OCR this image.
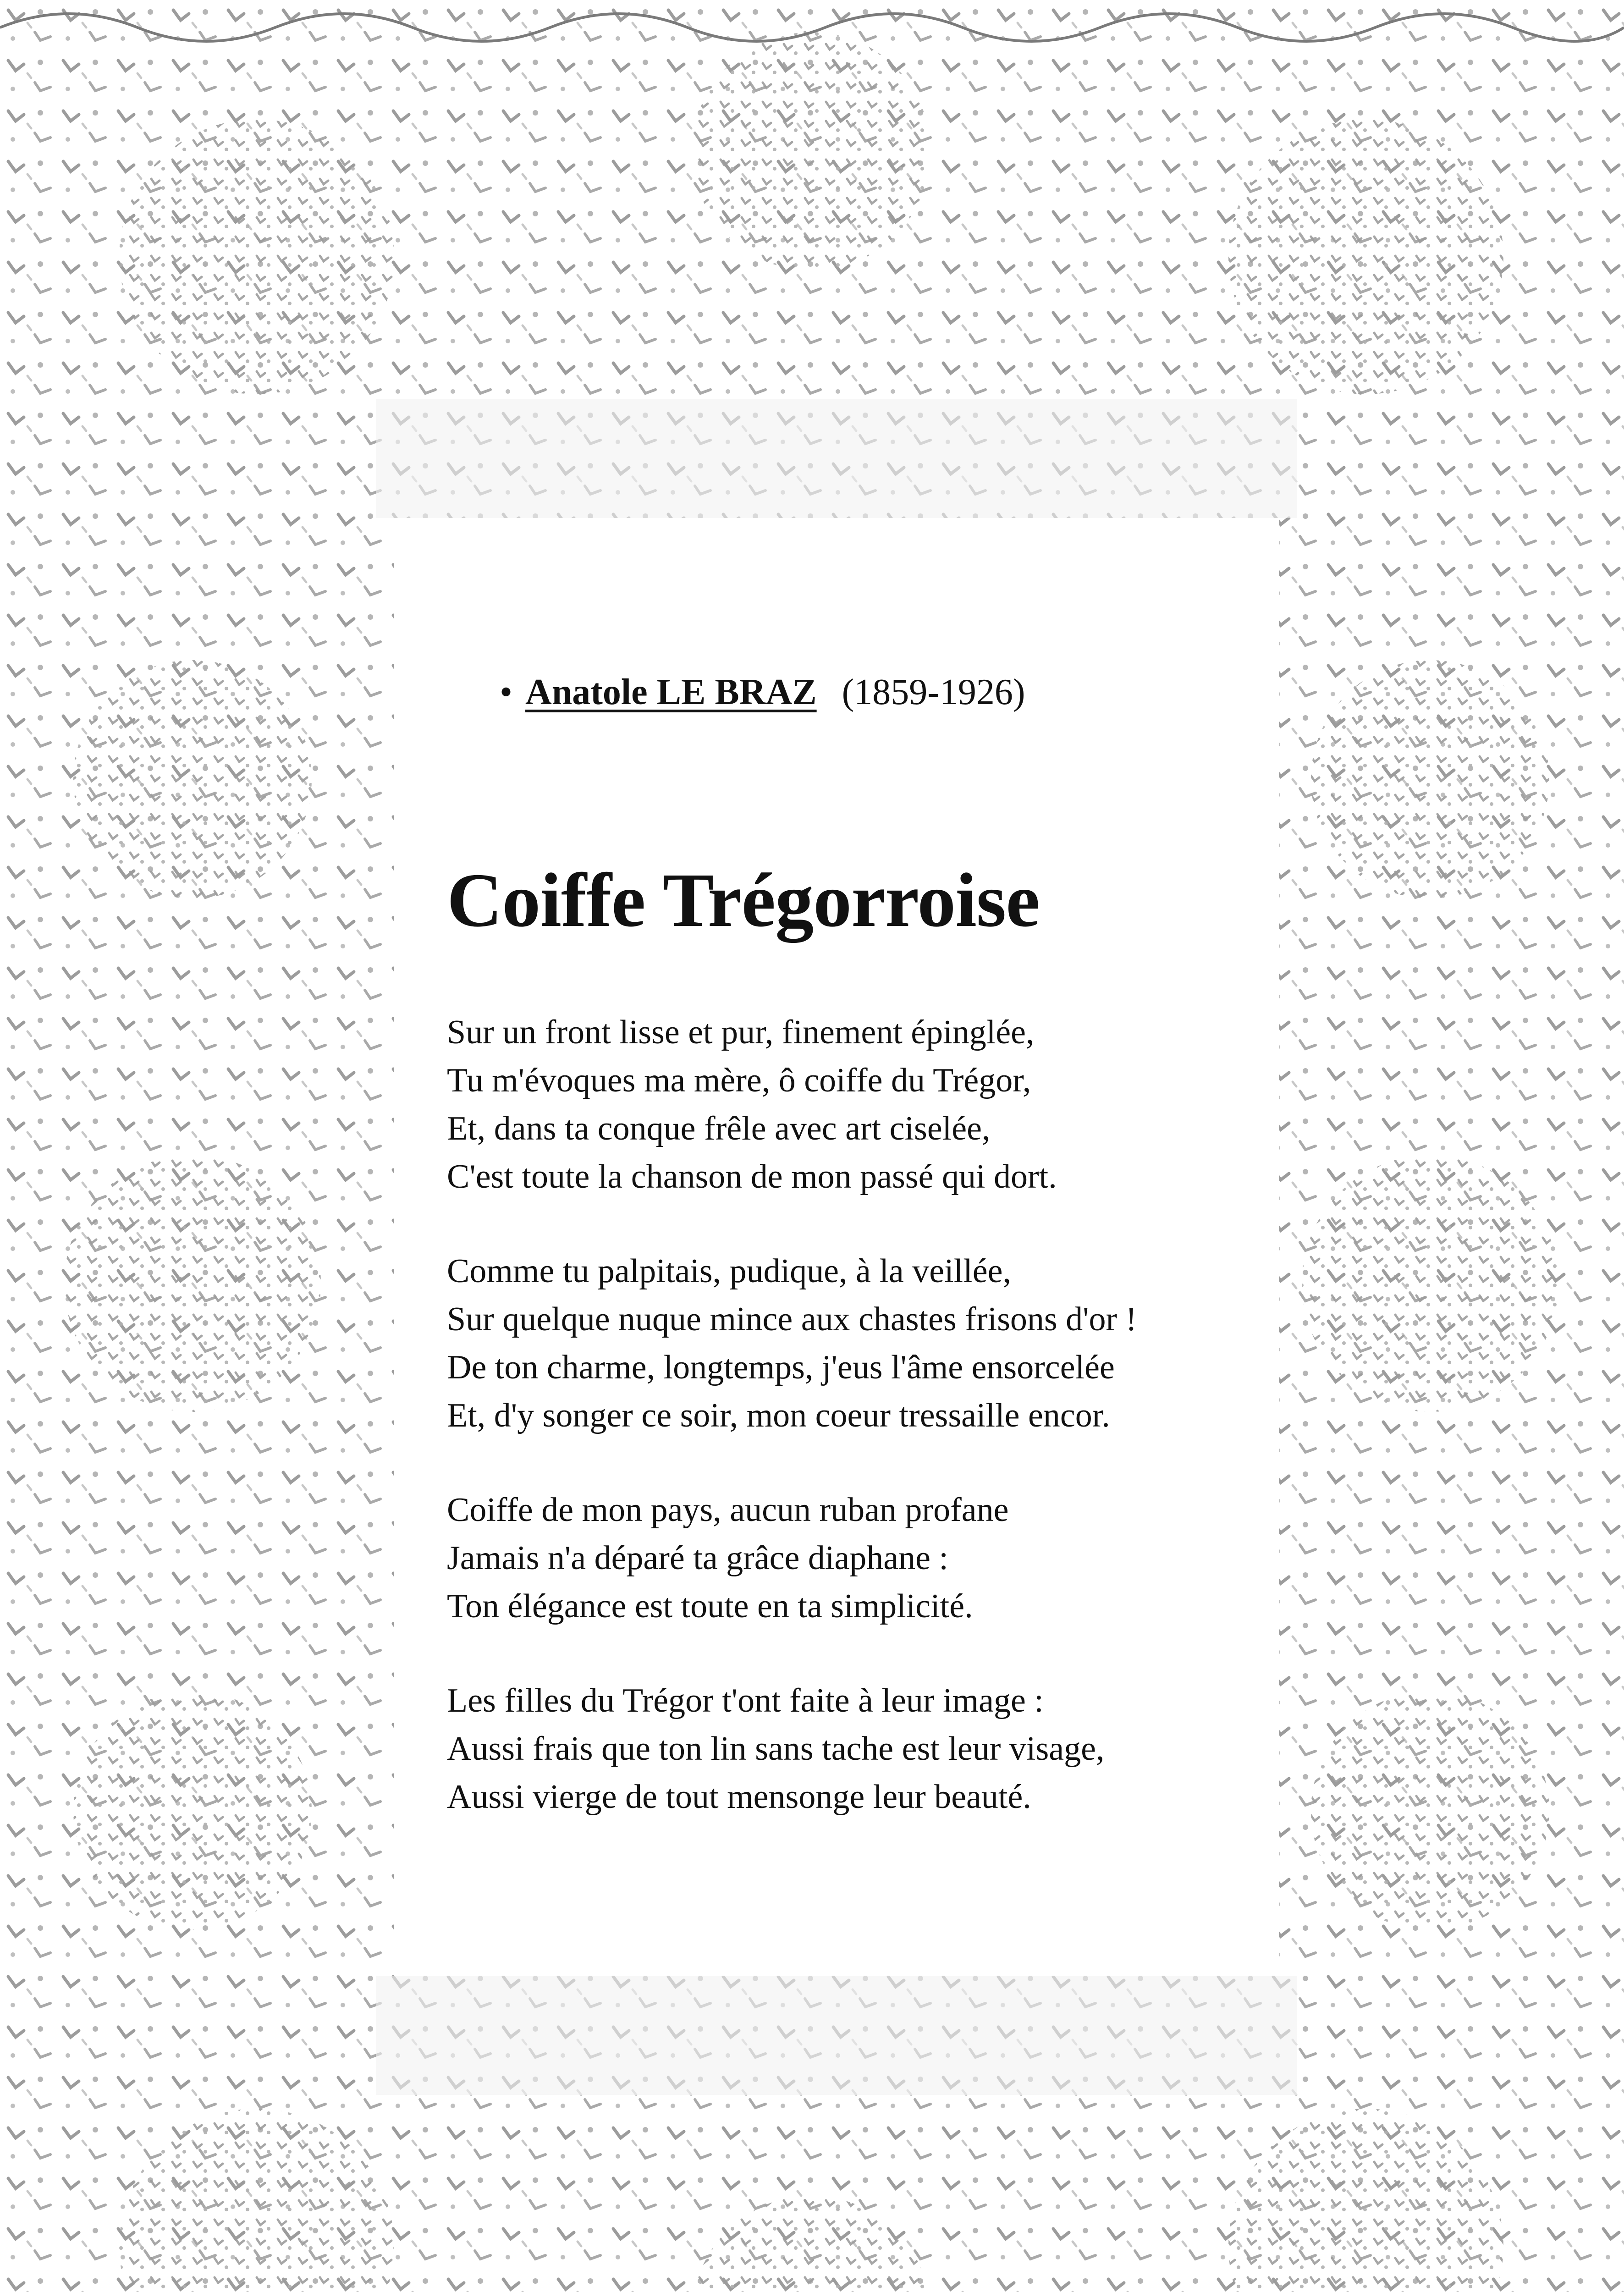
• Anatole LE BRAZ (1859-1926)
Coiffe Trégorroise
Sur un front lisse et pur, finement épinglée,
Tu m'évoques ma mère, ô coiffe du Trégor,
Et, dans ta conque frêle avec art ciselée,
C'est toute la chanson de mon passé qui dort.
Comme tu palpitais, pudique, à la veillée,
Sur quelque nuque mince aux chastes frisons d'or !
De ton charme, longtemps, j'eus l'âme ensorcelée
Et, d'y songer ce soir, mon coeur tressaille encor.
Coiffe de mon pays, aucun ruban profane
Jamais n'a déparé ta grâce diaphane :
Ton élégance est toute en ta simplicité.
Les filles du Trégor t'ont faite à leur image :
Aussi frais que ton lin sans tache est leur visage,
Aussi vierge de tout mensonge leur beauté.
